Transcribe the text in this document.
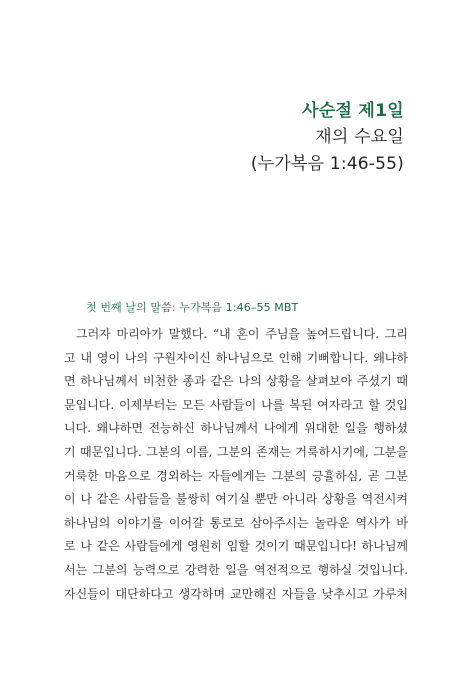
사순절 제1일
재의 수요일
(누가복음 1:46-55)
첫 번째 날의 말씀: 누가복음 1:46–55 MBT
그러자 마리아가 말했다. “내 혼이 주님을 높여드립니다. 그리
고 내 영이 나의 구원자이신 하나님으로 인해 기뻐합니다. 왜냐하
면 하나님께서 비천한 종과 같은 나의 상황을 살펴보아 주셨기 때
문입니다. 이제부터는 모든 사람들이 나를 복된 여자라고 할 것입
니다. 왜냐하면 전능하신 하나님께서 나에게 위대한 일을 행하셨
기 때문입니다. 그분의 이름, 그분의 존재는 거룩하시기에, 그분을
거룩한 마음으로 경외하는 자들에게는 그분의 긍휼하심, 곧 그분
이 나 같은 사람들을 불쌍히 여기실 뿐만 아니라 상황을 역전시켜
하나님의 이야기를 이어갈 통로로 삼아주시는 놀라운 역사가 바
로 나 같은 사람들에게 영원히 임할 것이기 때문입니다! 하나님께
서는 그분의 능력으로 강력한 일을 역전적으로 행하실 것입니다.
자신들이 대단하다고 생각하며 교만해진 자들을 낮추시고 가루처
